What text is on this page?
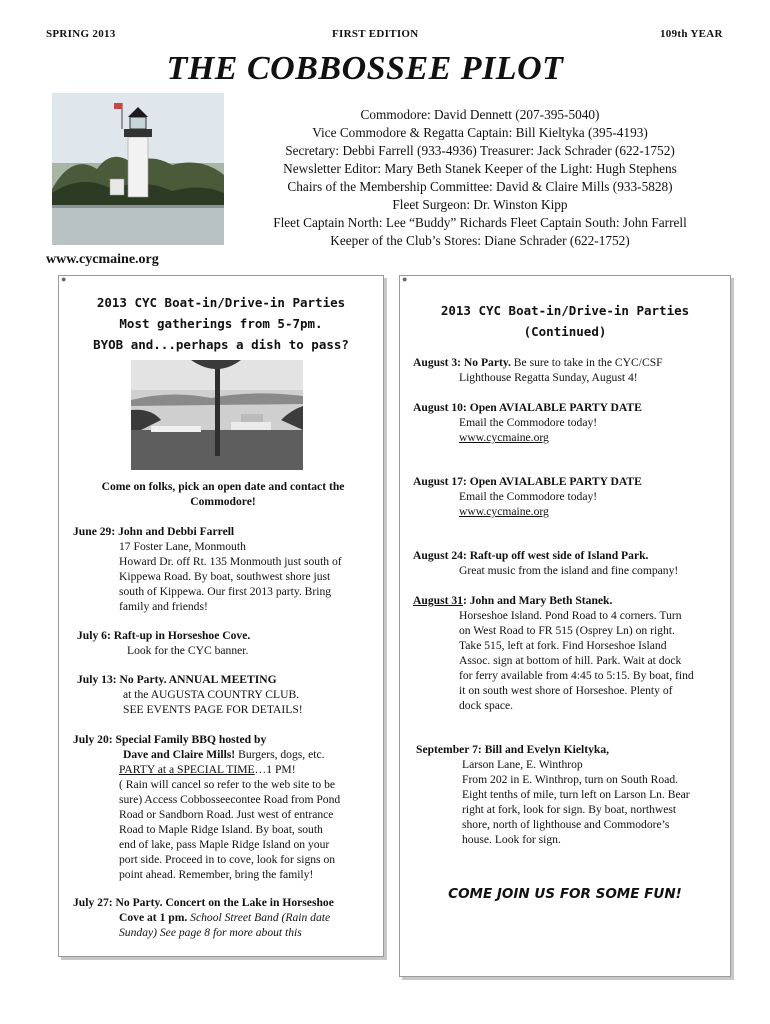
SPRING 2013	FIRST EDITION	109th YEAR
THE COBBOSSEE PILOT
Commodore: David Dennett (207-395-5040)
Vice Commodore & Regatta Captain: Bill Kieltyka (395-4193)
Secretary: Debbi Farrell (933-4936) Treasurer: Jack Schrader (622-1752)
Newsletter Editor: Mary Beth Stanek Keeper of the Light: Hugh Stephens
Chairs of the Membership Committee: David & Claire Mills (933-5828)
Fleet Surgeon: Dr. Winston Kipp
Fleet Captain North: Lee “Buddy” Richards Fleet Captain South: John Farrell
Keeper of the Club’s Stores: Diane Schrader (622-1752)
www.cycmaine.org
●
2013 CYC Boat-in/Drive-in Parties
Most gatherings from 5-7pm.
BYOB and...perhaps a dish to pass?
Come on folks, pick an open date and contact the Commodore!
June 29: John and Debbi Farrell
17 Foster Lane, Monmouth
Howard Dr. off Rt. 135 Monmouth just south of
Kippewa Road. By boat, southwest shore just
south of Kippewa. Our first 2013 party. Bring
family and friends!
July 6: Raft-up in Horseshoe Cove.
Look for the CYC banner.
July 13: No Party. ANNUAL MEETING
at the AUGUSTA COUNTRY CLUB.
SEE EVENTS PAGE FOR DETAILS!
July 20: Special Family BBQ hosted by
Dave and Claire Mills! Burgers, dogs, etc.
PARTY at a SPECIAL TIME…1 PM!
( Rain will cancel so refer to the web site to be
sure) Access Cobbosseecontee Road from Pond
Road or Sandborn Road. Just west of entrance
Road to Maple Ridge Island. By boat, south
end of lake, pass Maple Ridge Island on your
port side. Proceed in to cove, look for signs on
point ahead. Remember, bring the family!
July 27: No Party. Concert on the Lake in Horseshoe
Cove at 1 pm. School Street Band (Rain date
Sunday) See page 8 for more about this
●
2013 CYC Boat-in/Drive-in Parties
(Continued)
August 3: No Party. Be sure to take in the CYC/CSF
Lighthouse Regatta Sunday, August 4!
August 10: Open AVIALABLE PARTY DATE
Email the Commodore today!
www.cycmaine.org
August 17: Open AVIALABLE PARTY DATE
Email the Commodore today!
www.cycmaine.org
August 24: Raft-up off west side of Island Park.
Great music from the island and fine company!
August 31: John and Mary Beth Stanek.
Horseshoe Island. Pond Road to 4 corners. Turn
on West Road to FR 515 (Osprey Ln) on right.
Take 515, left at fork. Find Horseshoe Island
Assoc. sign at bottom of hill. Park. Wait at dock
for ferry available from 4:45 to 5:15. By boat, find
it on south west shore of Horseshoe. Plenty of
dock space.
September 7: Bill and Evelyn Kieltyka,
Larson Lane, E. Winthrop
From 202 in E. Winthrop, turn on South Road.
Eight tenths of mile, turn left on Larson Ln. Bear
right at fork, look for sign. By boat, northwest
shore, north of lighthouse and Commodore’s
house. Look for sign.
COME JOIN US FOR SOME FUN!
